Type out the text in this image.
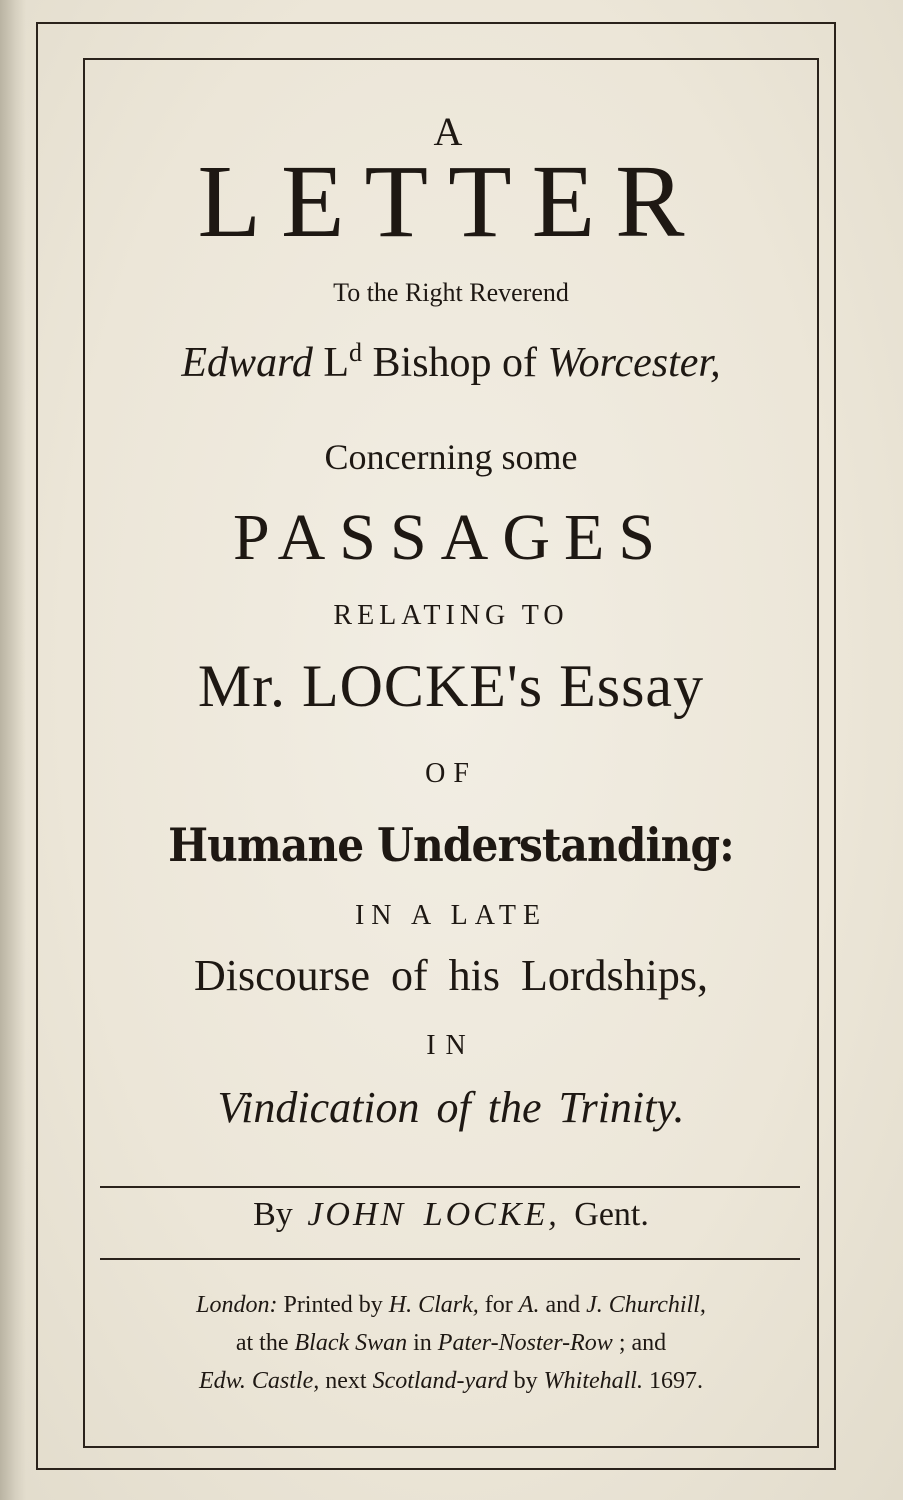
A
LETTER
To the Right Reverend
Edward $L^d$ Bishop of Worcester,
Concerning some
PASSAGES
RELATING TO
Mr. LOCKE's Essay
OF
Humane Understanding:
IN A LATE
Discourse of his Lordships,
IN
Vindication of the Trinity.
By JOHN LOCKE, Gent.
London: Printed by H. Clark, for A. and J. Churchill,
at the Black Swan in Pater-Noster-Row ; and
Edw. Castle, next Scotland-yard by Whitehall. 1697.
